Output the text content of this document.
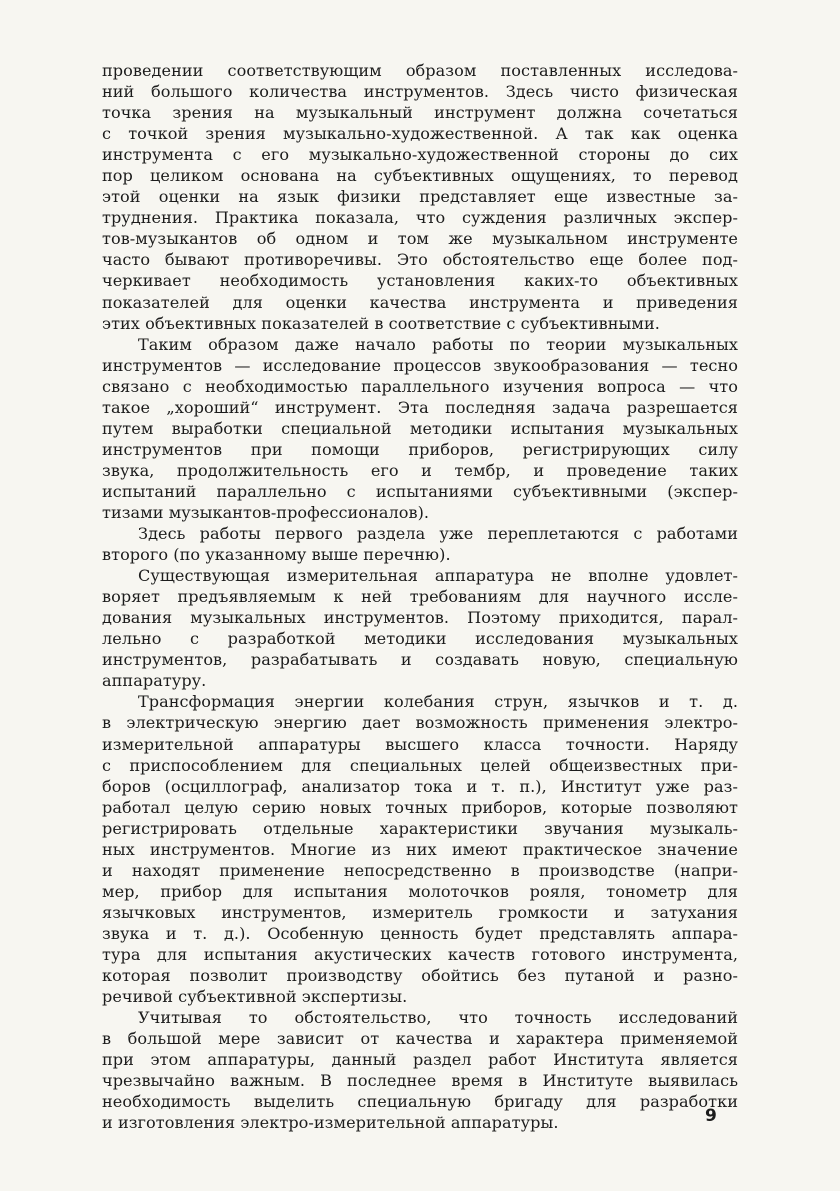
проведении соответствующим образом поставленных исследова-
ний большого количества инструментов. Здесь чисто физическая
точка зрения на музыкальный инструмент должна сочетаться
с точкой зрения музыкально-художественной. А так как оценка
инструмента с его музыкально-художественной стороны до сих
пор целиком основана на субъективных ощущениях, то перевод
этой оценки на язык физики представляет еще известные за-
труднения. Практика показала, что суждения различных экспер-
тов-музыкантов об одном и том же музыкальном инструменте
часто бывают противоречивы. Это обстоятельство еще более под-
черкивает необходимость установления каких-то объективных
показателей для оценки качества инструмента и приведения
этих объективных показателей в соответствие с субъективными.
Таким образом даже начало работы по теории музыкальных
инструментов — исследование процессов звукообразования — тесно
связано с необходимостью параллельного изучения вопроса — что
такое „хороший“ инструмент. Эта последняя задача разрешается
путем выработки специальной методики испытания музыкальных
инструментов при помощи приборов, регистрирующих силу
звука, продолжительность его и тембр, и проведение таких
испытаний параллельно с испытаниями субъективными (экспер-
тизами музыкантов-профессионалов).
Здесь работы первого раздела уже переплетаются с работами
второго (по указанному выше перечню).
Существующая измерительная аппаратура не вполне удовлет-
воряет предъявляемым к ней требованиям для научного иссле-
дования музыкальных инструментов. Поэтому приходится, парал-
лельно с разработкой методики исследования музыкальных
инструментов, разрабатывать и создавать новую, специальную
аппаратуру.
Трансформация энергии колебания струн, язычков и т. д.
в электрическую энергию дает возможность применения электро-
измерительной аппаратуры высшего класса точности. Наряду
с приспособлением для специальных целей общеизвестных при-
боров (осциллограф, анализатор тока и т. п.), Институт уже раз-
работал целую серию новых точных приборов, которые позволяют
регистрировать отдельные характеристики звучания музыкаль-
ных инструментов. Многие из них имеют практическое значение
и находят применение непосредственно в производстве (напри-
мер, прибор для испытания молоточков рояля, тонометр для
язычковых инструментов, измеритель громкости и затухания
звука и т. д.). Особенную ценность будет представлять аппара-
тура для испытания акустических качеств готового инструмента,
которая позволит производству обойтись без путаной и разно-
речивой субъективной экспертизы.
Учитывая то обстоятельство, что точность исследований
в большой мере зависит от качества и характера применяемой
при этом аппаратуры, данный раздел работ Института является
чрезвычайно важным. В последнее время в Институте выявилась
необходимость выделить специальную бригаду для разработки
и изготовления электро-измерительной аппаратуры.	9
